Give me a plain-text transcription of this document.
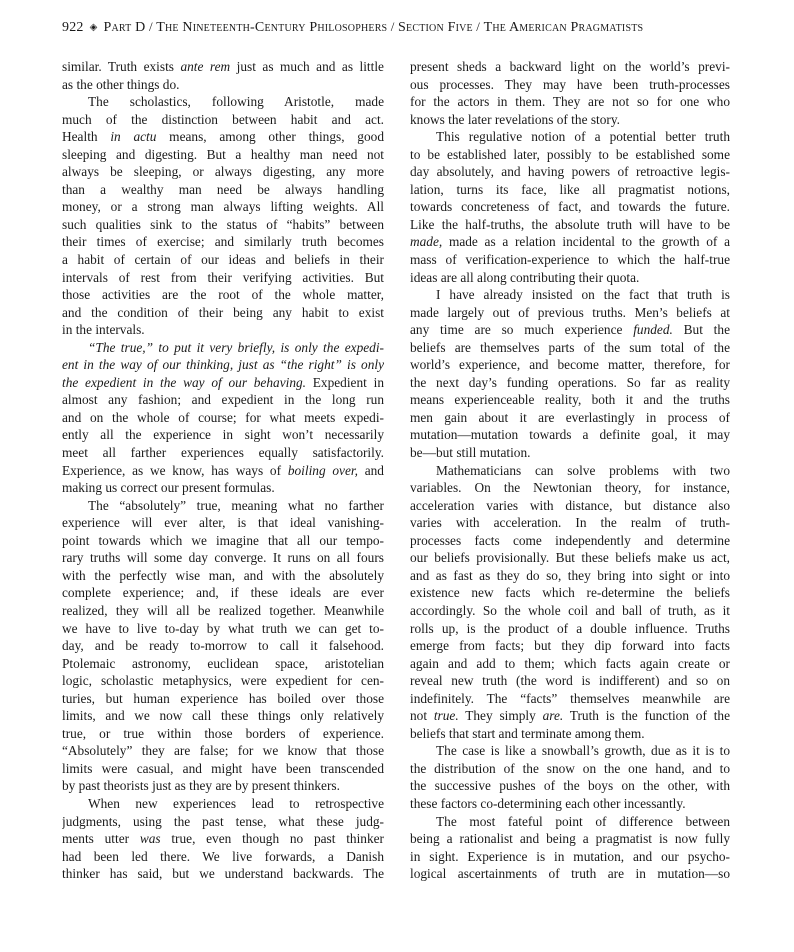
922 ◈ Part D / The Nineteenth-Century Philosophers / Section Five / The American Pragmatists

similar. Truth exists ante rem just as much and as little

as the other things do.

The scholastics, following Aristotle, made

much of the distinction between habit and act.

Health in actu means, among other things, good

sleeping and digesting. But a healthy man need not

always be sleeping, or always digesting, any more

than a wealthy man need be always handling

money, or a strong man always lifting weights. All

such qualities sink to the status of “habits” between

their times of exercise; and similarly truth becomes

a habit of certain of our ideas and beliefs in their

intervals of rest from their verifying activities. But

those activities are the root of the whole matter,

and the condition of their being any habit to exist

in the intervals.

“The true,” to put it very briefly, is only the expedi-

ent in the way of our thinking, just as “the right” is only

the expedient in the way of our behaving. Expedient in

almost any fashion; and expedient in the long run

and on the whole of course; for what meets expedi-

ently all the experience in sight won’t necessarily

meet all farther experiences equally satisfactorily.

Experience, as we know, has ways of boiling over, and

making us correct our present formulas.

The “absolutely” true, meaning what no farther

experience will ever alter, is that ideal vanishing-

point towards which we imagine that all our tempo-

rary truths will some day converge. It runs on all fours

with the perfectly wise man, and with the absolutely

complete experience; and, if these ideals are ever

realized, they will all be realized together. Meanwhile

we have to live to-day by what truth we can get to-

day, and be ready to-morrow to call it falsehood.

Ptolemaic astronomy, euclidean space, aristotelian

logic, scholastic metaphysics, were expedient for cen-

turies, but human experience has boiled over those

limits, and we now call these things only relatively

true, or true within those borders of experience.

“Absolutely” they are false; for we know that those

limits were casual, and might have been transcended

by past theorists just as they are by present thinkers.

When new experiences lead to retrospective

judgments, using the past tense, what these judg-

ments utter was true, even though no past thinker

had been led there. We live forwards, a Danish

thinker has said, but we understand backwards. The

present sheds a backward light on the world’s previ-

ous processes. They may have been truth-processes

for the actors in them. They are not so for one who

knows the later revelations of the story.

This regulative notion of a potential better truth

to be established later, possibly to be established some

day absolutely, and having powers of retroactive legis-

lation, turns its face, like all pragmatist notions,

towards concreteness of fact, and towards the future.

Like the half-truths, the absolute truth will have to be

made, made as a relation incidental to the growth of a

mass of verification-experience to which the half-true

ideas are all along contributing their quota.

I have already insisted on the fact that truth is

made largely out of previous truths. Men’s beliefs at

any time are so much experience funded. But the

beliefs are themselves parts of the sum total of the

world’s experience, and become matter, therefore, for

the next day’s funding operations. So far as reality

means experienceable reality, both it and the truths

men gain about it are everlastingly in process of

mutation—mutation towards a definite goal, it may

be—but still mutation.

Mathematicians can solve problems with two

variables. On the Newtonian theory, for instance,

acceleration varies with distance, but distance also

varies with acceleration. In the realm of truth-

processes facts come independently and determine

our beliefs provisionally. But these beliefs make us act,

and as fast as they do so, they bring into sight or into

existence new facts which re-determine the beliefs

accordingly. So the whole coil and ball of truth, as it

rolls up, is the product of a double influence. Truths

emerge from facts; but they dip forward into facts

again and add to them; which facts again create or

reveal new truth (the word is indifferent) and so on

indefinitely. The “facts” themselves meanwhile are

not true. They simply are. Truth is the function of the

beliefs that start and terminate among them.

The case is like a snowball’s growth, due as it is to

the distribution of the snow on the one hand, and to

the successive pushes of the boys on the other, with

these factors co-determining each other incessantly.

The most fateful point of difference between

being a rationalist and being a pragmatist is now fully

in sight. Experience is in mutation, and our psycho-

logical ascertainments of truth are in mutation—so
